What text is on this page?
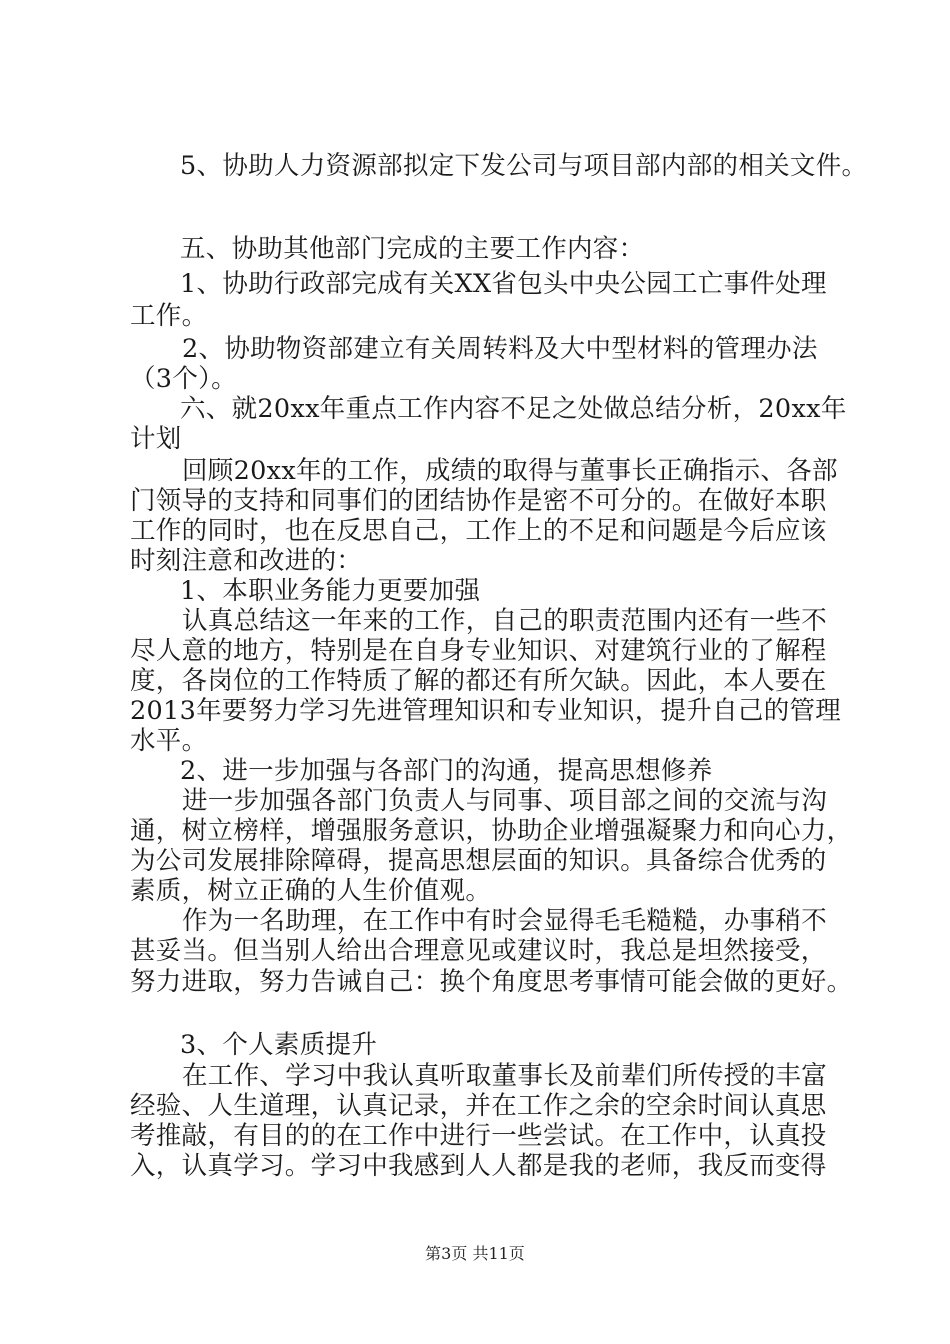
5、协助人力资源部拟定下发公司与项目部内部的相关文件。
五、协助其他部门完成的主要工作内容：
1、协助行政部完成有关XX省包头中央公园工亡事件处理
工作。
2、协助物资部建立有关周转料及大中型材料的管理办法
（3个）。
六、就20xx年重点工作内容不足之处做总结分析，20xx年
计划
回顾20xx年的工作，成绩的取得与董事长正确指示、各部
门领导的支持和同事们的团结协作是密不可分的。在做好本职
工作的同时，也在反思自己，工作上的不足和问题是今后应该
时刻注意和改进的：
1、本职业务能力更要加强
认真总结这一年来的工作，自己的职责范围内还有一些不
尽人意的地方，特别是在自身专业知识、对建筑行业的了解程
度，各岗位的工作特质了解的都还有所欠缺。因此，本人要在
2013年要努力学习先进管理知识和专业知识，提升自己的管理
水平。
2、进一步加强与各部门的沟通，提高思想修养
进一步加强各部门负责人与同事、项目部之间的交流与沟
通，树立榜样，增强服务意识，协助企业增强凝聚力和向心力，
为公司发展排除障碍，提高思想层面的知识。具备综合优秀的
素质，树立正确的人生价值观。
作为一名助理，在工作中有时会显得毛毛糙糙，办事稍不
甚妥当。但当别人给出合理意见或建议时，我总是坦然接受，
努力进取，努力告诫自己：换个角度思考事情可能会做的更好。
3、个人素质提升
在工作、学习中我认真听取董事长及前辈们所传授的丰富
经验、人生道理，认真记录，并在工作之余的空余时间认真思
考推敲，有目的的在工作中进行一些尝试。在工作中，认真投
入，认真学习。学习中我感到人人都是我的老师，我反而变得
第3页 共11页
